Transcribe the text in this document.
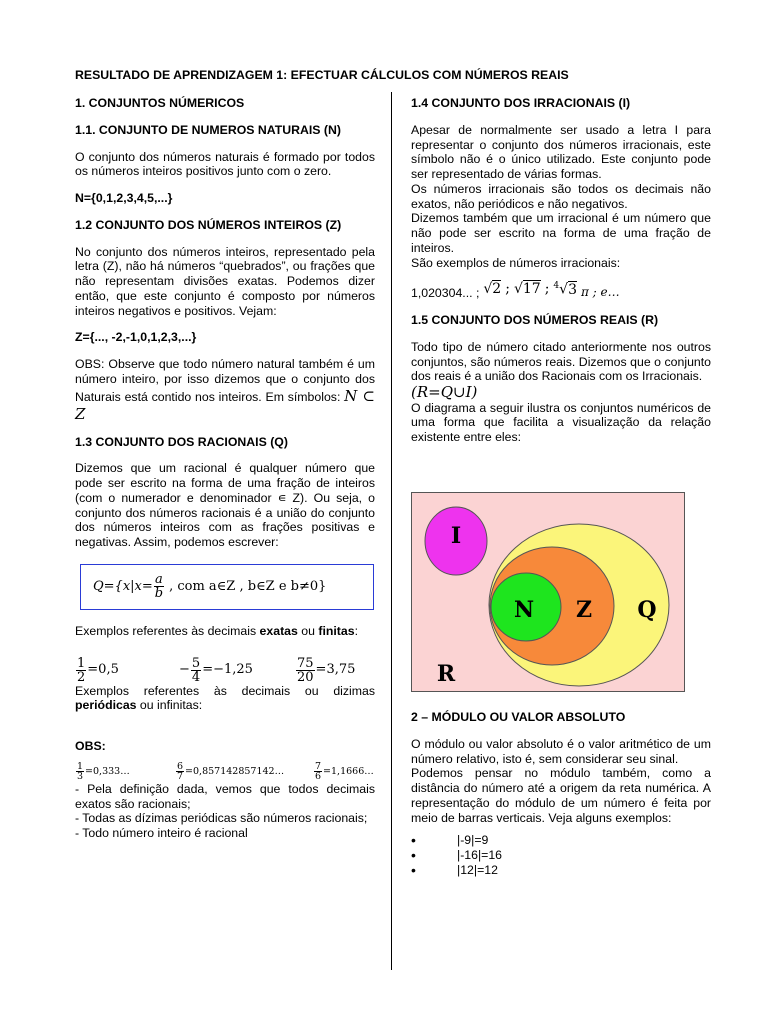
RESULTADO DE APRENDIZAGEM 1: EFECTUAR CÁLCULOS COM NÚMEROS REAIS
1. CONJUNTOS NÚMERICOS
1.1. CONJUNTO DE NUMEROS NATURAIS (N)

O conjunto dos números naturais é formado por todos os números inteiros positivos junto com o zero.

N={0,1,2,3,4,5,...}

1.2 CONJUNTO DOS NÚMEROS INTEIROS (Z)

No conjunto dos números inteiros, representado pela letra (Z), não há números “quebrados”, ou frações que não representam divisões exatas. Podemos dizer então, que este conjunto é composto por números inteiros negativos e positivos. Vejam:

Z={..., -2,-1,0,1,2,3,...}

OBS: Observe que todo número natural também é um número inteiro, por isso dizemos que o conjunto dos Naturais está contido nos inteiros. Em símbolos: N ⊂ Z

1.3 CONJUNTO DOS RACIONAIS (Q)

Dizemos que um racional é qualquer número que pode ser escrito na forma de uma fração de inteiros (com o numerador e denominador ∊ Z). Ou seja, o conjunto dos números racionais é a união do conjunto dos números inteiros com as frações positivas e negativas. Assim, podemos escrever:

$Q=\{x|x= \frac{a}{b}$ , com a∈Z , b∈Z e b≠0}

Exemplos referentes às decimais exatas ou finitas:

$\frac{1}{2} =0,5$	− $\frac{5}{4} =-1,25$	$\frac{75}{20} =3,75$

Exemplos referentes às decimais ou dizimas periódicas ou infinitas:

OBS:

$\frac{1}{3}$ =0,333…	$\frac{6}{7}$ =0,857142857142…	$\frac{7}{6}$ =1,1666…

- Pela definição dada, vemos que todos decimais exatos são racionais;

- Todas as dízimas periódicas são números racionais;

- Todo número inteiro é racional

1.4 CONJUNTO DOS IRRACIONAIS (I)

Apesar de normalmente ser usado a letra I para representar o conjunto dos números irracionais, este símbolo não é o único utilizado. Este conjunto pode ser representado de várias formas.

Os números irracionais são todos os decimais não exatos, não periódicos e não negativos.

Dizemos também que um irracional é um número que não pode ser escrito na forma de uma fração de inteiros.

São exemplos de números irracionais:

1,020304... ; √2 ; √17 ; $^4$√3 π ; e…
1.5 CONJUNTO DOS NÚMEROS REAIS (R)

Todo tipo de número citado anteriormente nos outros conjuntos, são números reais. Dizemos que o conjunto dos reais é a união dos Racionais com os Irracionais.

(R=Q∪I)

O diagrama a seguir ilustra os conjuntos numéricos de uma forma que facilita a visualização da relação existente entre eles:

I
N Z Q
R
2 – MÓDULO OU VALOR ABSOLUTO

O módulo ou valor absoluto é o valor aritmético de um número relativo, isto é, sem considerar seu sinal.

Podemos pensar no módulo também, como a distância do número até a origem da reta numérica. A representação do módulo de um número é feita por meio de barras verticais. Veja alguns exemplos:

•	|-9|=9
•	|-16|=16
•	|12|=12
